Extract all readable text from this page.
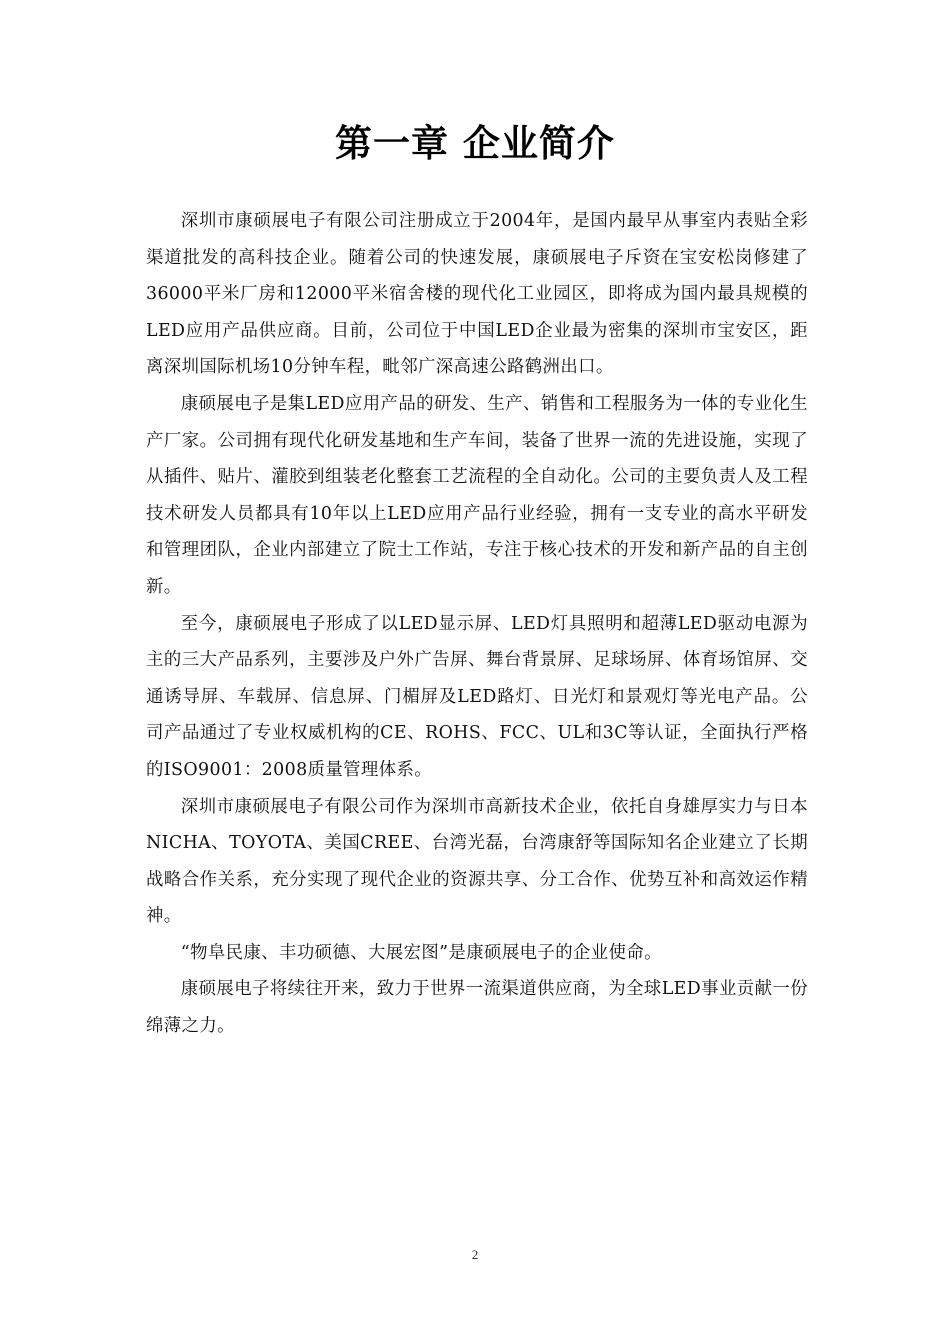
第一章 企业简介

深圳市康硕展电子有限公司注册成立于2004年，是国内最早从事室内表贴全彩渠道批发的高科技企业。随着公司的快速发展，康硕展电子斥资在宝安松岗修建了36000平米厂房和12000平米宿舍楼的现代化工业园区，即将成为国内最具规模的LED应用产品供应商。目前，公司位于中国LED企业最为密集的深圳市宝安区，距离深圳国际机场10分钟车程，毗邻广深高速公路鹤洲出口。

康硕展电子是集LED应用产品的研发、生产、销售和工程服务为一体的专业化生产厂家。公司拥有现代化研发基地和生产车间，装备了世界一流的先进设施，实现了从插件、贴片、灌胶到组装老化整套工艺流程的全自动化。公司的主要负责人及工程技术研发人员都具有10年以上LED应用产品行业经验，拥有一支专业的高水平研发和管理团队，企业内部建立了院士工作站，专注于核心技术的开发和新产品的自主创新。

至今，康硕展电子形成了以LED显示屏、LED灯具照明和超薄LED驱动电源为主的三大产品系列，主要涉及户外广告屏、舞台背景屏、足球场屏、体育场馆屏、交通诱导屏、车载屏、信息屏、门楣屏及LED路灯、日光灯和景观灯等光电产品。公司产品通过了专业权威机构的CE、ROHS、FCC、UL和3C等认证，全面执行严格的ISO9001：2008质量管理体系。

深圳市康硕展电子有限公司作为深圳市高新技术企业，依托自身雄厚实力与日本NICHA、TOYOTA、美国CREE、台湾光磊，台湾康舒等国际知名企业建立了长期战略合作关系，充分实现了现代企业的资源共享、分工合作、优势互补和高效运作精神。

“物阜民康、丰功硕德、大展宏图”是康硕展电子的企业使命。

康硕展电子将续往开来，致力于世界一流渠道供应商，为全球LED事业贡献一份绵薄之力。

2
